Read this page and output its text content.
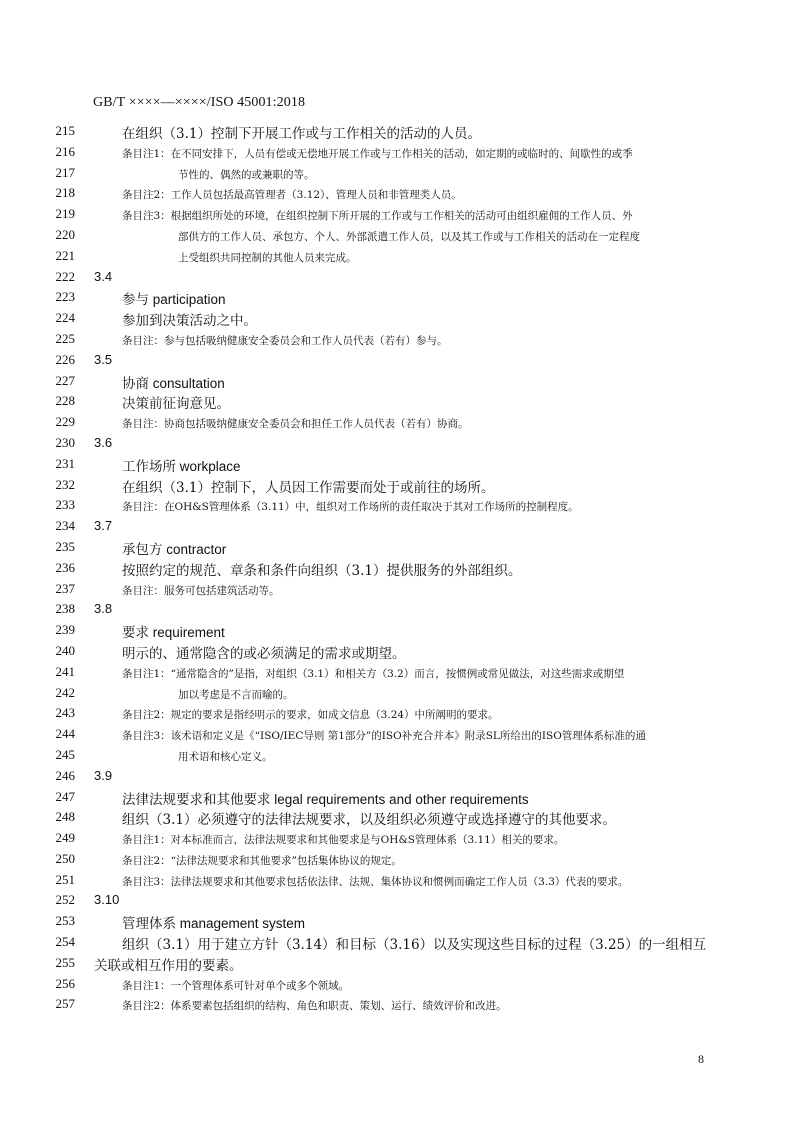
GB/T ××××—××××/ISO 45001:2018
215	在组织（3.1）控制下开展工作或与工作相关的活动的人员。
216	条目注1：在不同安排下，人员有偿或无偿地开展工作或与工作相关的活动，如定期的或临时的、间歇性的或季
217	节性的、偶然的或兼职的等。
218	条目注2：工作人员包括最高管理者（3.12）、管理人员和非管理类人员。
219	条目注3：根据组织所处的环境，在组织控制下所开展的工作或与工作相关的活动可由组织雇佣的工作人员、外
220	部供方的工作人员、承包方、个人、外部派遣工作人员，以及其工作或与工作相关的活动在一定程度
221	上受组织共同控制的其他人员来完成。
222 3.4
223	参与 participation
224	参加到决策活动之中。
225	条目注：参与包括吸纳健康安全委员会和工作人员代表（若有）参与。
226 3.5
227	协商 consultation
228	决策前征询意见。
229	条目注：协商包括吸纳健康安全委员会和担任工作人员代表（若有）协商。
230 3.6
231	工作场所 workplace
232	在组织（3.1）控制下，人员因工作需要而处于或前往的场所。
233	条目注：在OH&S管理体系（3.11）中，组织对工作场所的责任取决于其对工作场所的控制程度。
234 3.7
235	承包方 contractor
236	按照约定的规范、章条和条件向组织（3.1）提供服务的外部组织。
237	条目注：服务可包括建筑活动等。
238 3.8
239	要求 requirement
240	明示的、通常隐含的或必须满足的需求或期望。
241	条目注1：“通常隐含的”是指，对组织（3.1）和相关方（3.2）而言，按惯例或常见做法，对这些需求或期望
242	加以考虑是不言而喻的。
243	条目注2：规定的要求是指经明示的要求，如成文信息（3.24）中所阐明的要求。
244	条目注3：该术语和定义是《“ISO/IEC导则 第1部分”的ISO补充合并本》附录SL所给出的ISO管理体系标准的通
245	用术语和核心定义。
246 3.9
247	法律法规要求和其他要求 legal requirements and other requirements
248	组织（3.1）必须遵守的法律法规要求，以及组织必须遵守或选择遵守的其他要求。
249	条目注1：对本标准而言，法律法规要求和其他要求是与OH&S管理体系（3.11）相关的要求。
250	条目注2：“法律法规要求和其他要求”包括集体协议的规定。
251	条目注3：法律法规要求和其他要求包括依法律、法规、集体协议和惯例而确定工作人员（3.3）代表的要求。
252 3.10
253	管理体系 management system
254	组织（3.1）用于建立方针（3.14）和目标（3.16）以及实现这些目标的过程（3.25）的一组相互
255 关联或相互作用的要素。
256	条目注1：一个管理体系可针对单个或多个领域。
257	条目注2：体系要素包括组织的结构、角色和职责、策划、运行、绩效评价和改进。
8
